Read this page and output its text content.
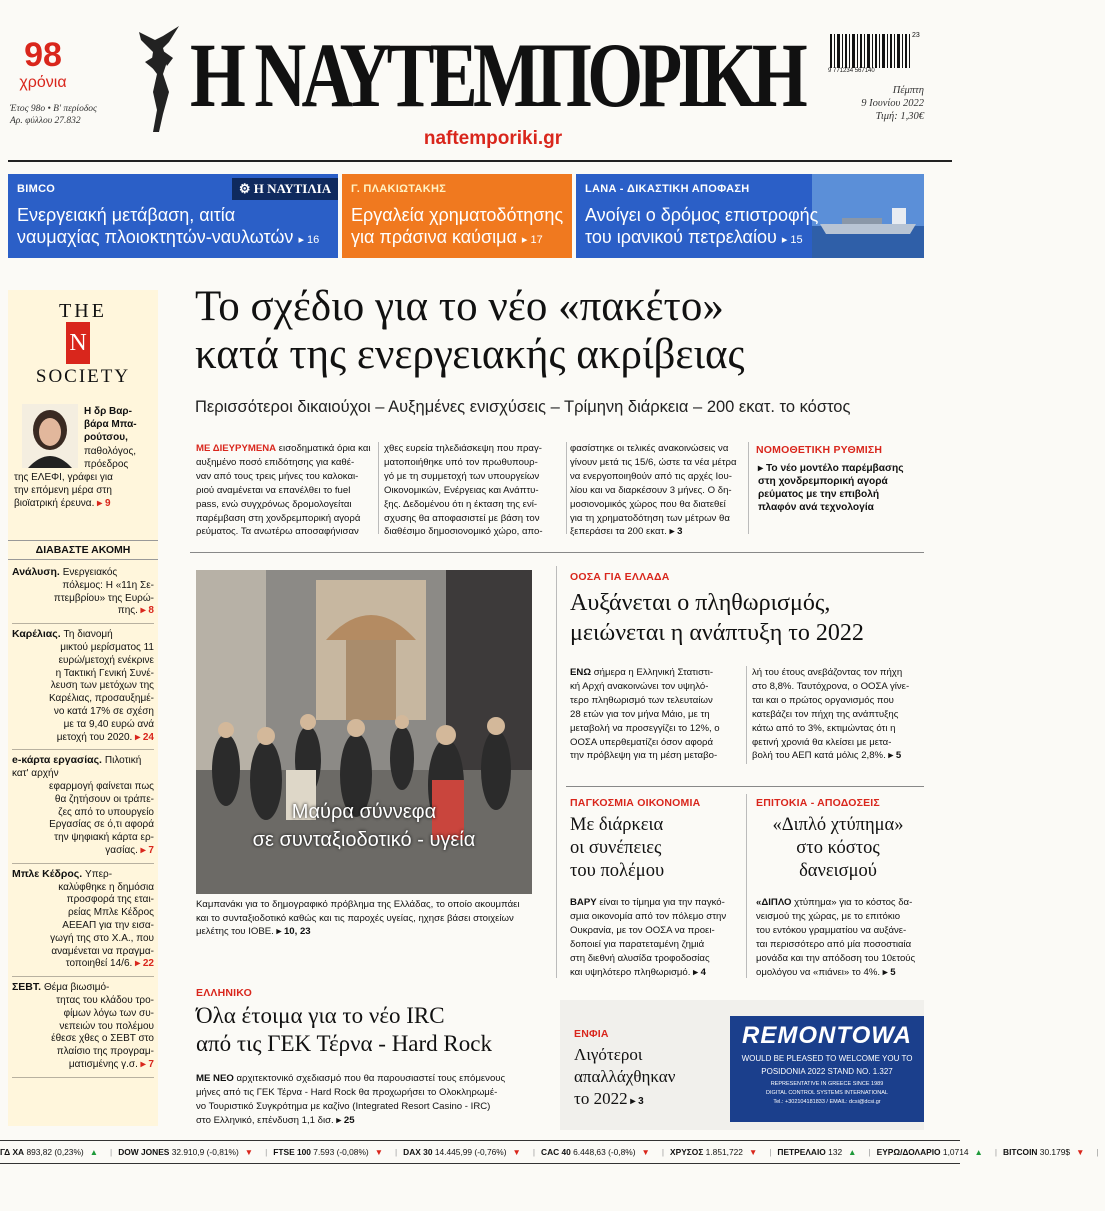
98
χρόνια
Έτος 98ο • Β' περίοδος
Αρ. φύλλου 27.832 Η ΝΑΥΤΕΜΠΟΡΙΚΗ
naftemporiki.gr
23
9 771234 567140
Πέμπτη
9 Ιουνίου 2022
Τιμή: 1,30€
BIMCO	⚙ Η ΝΑΥΤΙΛΙΑ
Ενεργειακή μετάβαση, αιτία
ναυμαχίας πλοιοκτητών-ναυλωτών ▸ 16
Γ. ΠΛΑΚΙΩΤΑΚΗΣ
Εργαλεία χρηματοδότησης
για πράσινα καύσιμα ▸ 17
LANA - ΔΙΚΑΣΤΙΚΗ ΑΠΟΦΑΣΗ
Ανοίγει ο δρόμος επιστροφής
του ιρανικού πετρελαίου ▸ 15
THE
N
SOCIETY
Η δρ Βαρ-
βάρα Μπα-
ρούτσου,
παθολόγος,
πρόεδρος
της ΕΛΕΦΙ, γράφει για
την επόμενη μέρα στη
βιοϊατρική έρευνα. ▸ 9
ΔΙΑΒΑΣΤΕ ΑΚΟΜΗ
Ανάλυση. Ενεργειακός
πόλεμος: Η «11η Σε-
πτεμβρίου» της Ευρώ-
πης. ▸ 8
Καρέλιας. Τη διανομή
μικτού μερίσματος 11
ευρώ/μετοχή ενέκρινε
η Τακτική Γενική Συνέ-
λευση των μετόχων της
Καρέλιας, προσαυξημέ-
νο κατά 17% σε σχέση
με τα 9,40 ευρώ ανά
μετοχή του 2020. ▸ 24
e-κάρτα εργασίας. Πιλοτική κατ' αρχήν
εφαρμογή φαίνεται πως
θα ζητήσουν οι τράπε-
ζες από το υπουργείο
Εργασίας σε ό,τι αφορά
την ψηφιακή κάρτα ερ-
γασίας. ▸ 7
Μπλε Κέδρος. Υπερ-
καλύφθηκε η δημόσια
προσφορά της εται-
ρείας Μπλε Κέδρος
ΑΕΕΑΠ για την εισα-
γωγή της στο Χ.Α., που
αναμένεται να πραγμα-
τοποιηθεί 14/6. ▸ 22
ΣΕΒΤ. Θέμα βιωσιμό-
τητας του κλάδου τρο-
φίμων λόγω των συ-
νεπειών του πολέμου
έθεσε χθες ο ΣΕΒΤ στο
πλαίσιο της προγραμ-
ματισμένης γ.σ. ▸ 7
Το σχέδιο για το νέο «πακέτο»
κατά της ενεργειακής ακρίβειας
Περισσότεροι δικαιούχοι – Αυξημένες ενισχύσεις – Τρίμηνη διάρκεια – 200 εκατ. το κόστος
ΜΕ ΔΙΕΥΡΥΜΕΝΑ εισοδηματικά όρια και
αυξημένο ποσό επιδότησης για καθέ-
ναν από τους τρεις μήνες του καλοκαι-
ριού αναμένεται να επανέλθει το fuel
pass, ενώ συγχρόνως δρομολογείται
παρέμβαση στη χονδρεμπορική αγορά
ρεύματος. Τα ανωτέρω αποσαφήνισαν
χθες ευρεία τηλεδιάσκεψη που πραγ-
ματοποιήθηκε υπό τον πρωθυπουρ-
γό με τη συμμετοχή των υπουργείων
Οικονομικών, Ενέργειας και Ανάπτυ-
ξης. Δεδομένου ότι η έκταση της ενί-
σχυσης θα αποφασιστεί με βάση τον
διαθέσιμο δημοσιονομικό χώρο, απο-
φασίστηκε οι τελικές ανακοινώσεις να
γίνουν μετά τις 15/6, ώστε τα νέα μέτρα
να ενεργοποιηθούν από τις αρχές Ιου-
λίου και να διαρκέσουν 3 μήνες. Ο δη-
μοσιονομικός χώρος που θα διατεθεί
για τη χρηματοδότηση των μέτρων θα
ξεπεράσει τα 200 εκατ. ▸ 3
ΝΟΜΟΘΕΤΙΚΗ ΡΥΘΜΙΣΗ
▸ Το νέο μοντέλο παρέμβασης
στη χονδρεμπορική αγορά
ρεύματος με την επιβολή
πλαφόν ανά τεχνολογία
Μαύρα σύννεφα
σε συνταξιοδοτικό - υγεία
Καμπανάκι για το δημογραφικό πρόβλημα της Ελλάδας, το οποίο ακουμπάει
και το συνταξιοδοτικό καθώς και τις παροχές υγείας, ηχησε βάσει στοιχείων
μελέτης του ΙΟΒΕ. ▸ 10, 23
ΟΟΣΑ ΓΙΑ ΕΛΛΑΔΑ
Αυξάνεται ο πληθωρισμός,
μειώνεται η ανάπτυξη το 2022
ΕΝΩ σήμερα η Ελληνική Στατιστι-
κή Αρχή ανακοινώνει τον υψηλό-
τερο πληθωρισμό των τελευταίων
28 ετών για τον μήνα Μάιο, με τη
μεταβολή να προσεγγίζει το 12%, ο
ΟΟΣΑ υπερθεματίζει όσον αφορά
την πρόβλεψη για τη μέση μεταβο-
λή του έτους ανεβάζοντας τον πήχη
στο 8,8%. Ταυτόχρονα, ο ΟΟΣΑ γίνε-
ται και ο πρώτος οργανισμός που
κατεβάζει τον πήχη της ανάπτυξης
κάτω από το 3%, εκτιμώντας ότι η
φετινή χρονιά θα κλείσει με μετα-
βολή του ΑΕΠ κατά μόλις 2,8%. ▸ 5
ΠΑΓΚΟΣΜΙΑ ΟΙΚΟΝΟΜΙΑ
Με διάρκεια
οι συνέπειες
του πολέμου
ΒΑΡΥ είναι το τίμημα για την παγκό-
σμια οικονομία από τον πόλεμο στην
Ουκρανία, με τον ΟΟΣΑ να προει-
δοποιεί για παρατεταμένη ζημιά
στη διεθνή αλυσίδα τροφοδοσίας
και υψηλότερο πληθωρισμό. ▸ 4
ΕΠΙΤΟΚΙΑ - ΑΠΟΔΟΣΕΙΣ
«Διπλό χτύπημα»
στο κόστος
δανεισμού
«ΔΙΠΛΟ χτύπημα» για το κόστος δα-
νεισμού της χώρας, με το επιτόκιο
του εντόκου γραμματίου να αυξάνε-
ται περισσότερο από μία ποσοστιαία
μονάδα και την απόδοση του 10ετούς
ομολόγου να «πιάνει» το 4%. ▸ 5
ΕΛΛΗΝΙΚΟ
Όλα έτοιμα για το νέο IRC
από τις ΓΕΚ Τέρνα - Hard Rock
ΜΕ ΝΕΟ αρχιτεκτονικό σχεδιασμό που θα παρουσιαστεί τους επόμενους
μήνες από τις ΓΕΚ Τέρνα - Hard Rock θα προχωρήσει το Ολοκληρωμέ-
νο Τουριστικό Συγκρότημα με καζίνο (Integrated Resort Casino - IRC)
στο Ελληνικό, επένδυση 1,1 δισ. ▸ 25
ΕΝΦΙΑ
Λιγότεροι
απαλλάχθηκαν
το 2022 ▸ 3
REMONTOWA
WOULD BE PLEASED TO WELCOME YOU TO
POSIDONIA 2022 STAND NO. 1.327
REPRESENTATIVE IN GREECE SINCE 1989
DIGITAL CONTROL SYSTEMS INTERNATIONAL
Tel.: +302104181833 / EMAIL: dcsi@dcsi.gr
ΓΔ ΧΑ 893,82 (0,23%) ▲ | DOW JONES 32.910,9 (-0,81%) ▼ | FTSE 100 7.593 (-0,08%) ▼ | DAX 30 14.445,99 (-0,76%) ▼ | CAC 40 6.448,63 (-0,8%) ▼ | ΧΡΥΣΟΣ 1.851,722 ▼ | ΠΕΤΡΕΛΑΙΟ 132 ▲ | ΕΥΡΩ/ΔΟΛΑΡΙΟ 1,0714 ▲ | BITCOIN 30.179$ ▼ |
